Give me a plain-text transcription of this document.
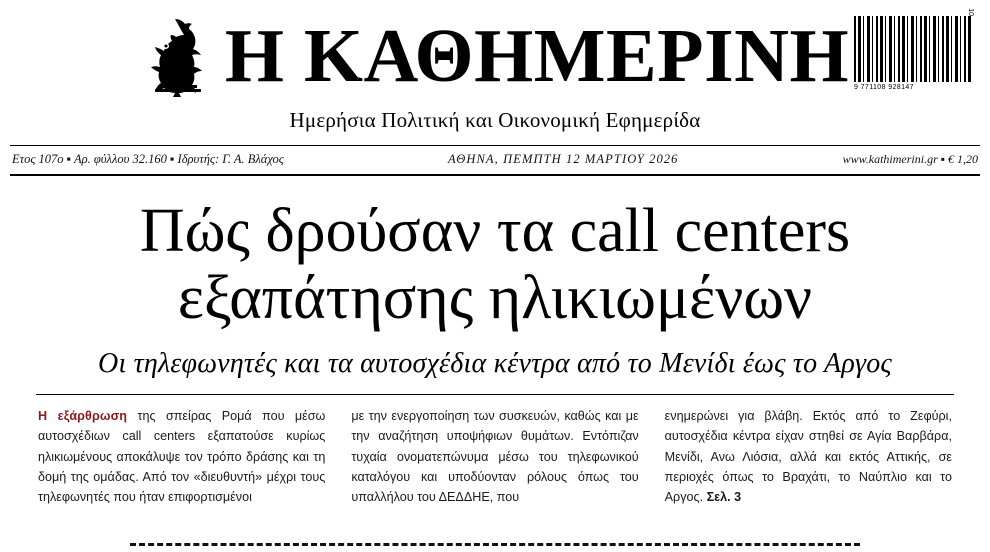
Η ΚΑΘΗΜΕΡΙΝΗ 9 771108 928147
10
Ημερήσια Πολιτική και Οικονομική Εφημερίδα
Ετος 107ο ▪ Αρ. φύλλου 32.160 ▪ Ιδρυτής: Γ. Α. Βλάχος	ΑΘΗΝΑ, ΠΕΜΠΤΗ 12 ΜΑΡΤΙΟΥ 2026	www.kathimerini.gr ▪ € 1,20
Πώς δρούσαν τα call centers
εξαπάτησης ηλικιωμένων
Οι τηλεφωνητές και τα αυτοσχέδια κέντρα από το Μενίδι έως το Αργος
Η εξάρθρωση της σπείρας Ρομά που μέσω αυτοσχέδιων call centers εξαπατούσε κυρίως ηλικιωμένους αποκάλυψε τον τρόπο δράσης και τη δομή της ομάδας. Από τον «διευθυντή» μέχρι τους τηλεφωνητές που ήταν επιφορτισμένοι
με την ενεργοποίηση των συσκευών, καθώς και με την αναζήτηση υποψήφιων θυμάτων. Εντόπιζαν τυχαία ονοματεπώνυμα μέσω του τηλεφωνικού καταλόγου και υποδύονταν ρόλους όπως του υπαλλήλου του ΔΕΔΔΗΕ, που
ενημερώνει για βλάβη. Εκτός από το Ζεφύρι, αυτοσχέδια κέντρα είχαν στηθεί σε Αγία Βαρβάρα, Μενίδι, Ανω Λιόσια, αλλά και εκτός Αττικής, σε περιοχές όπως το Βραχάτι, το Ναύπλιο και το Αργος. Σελ. 3
